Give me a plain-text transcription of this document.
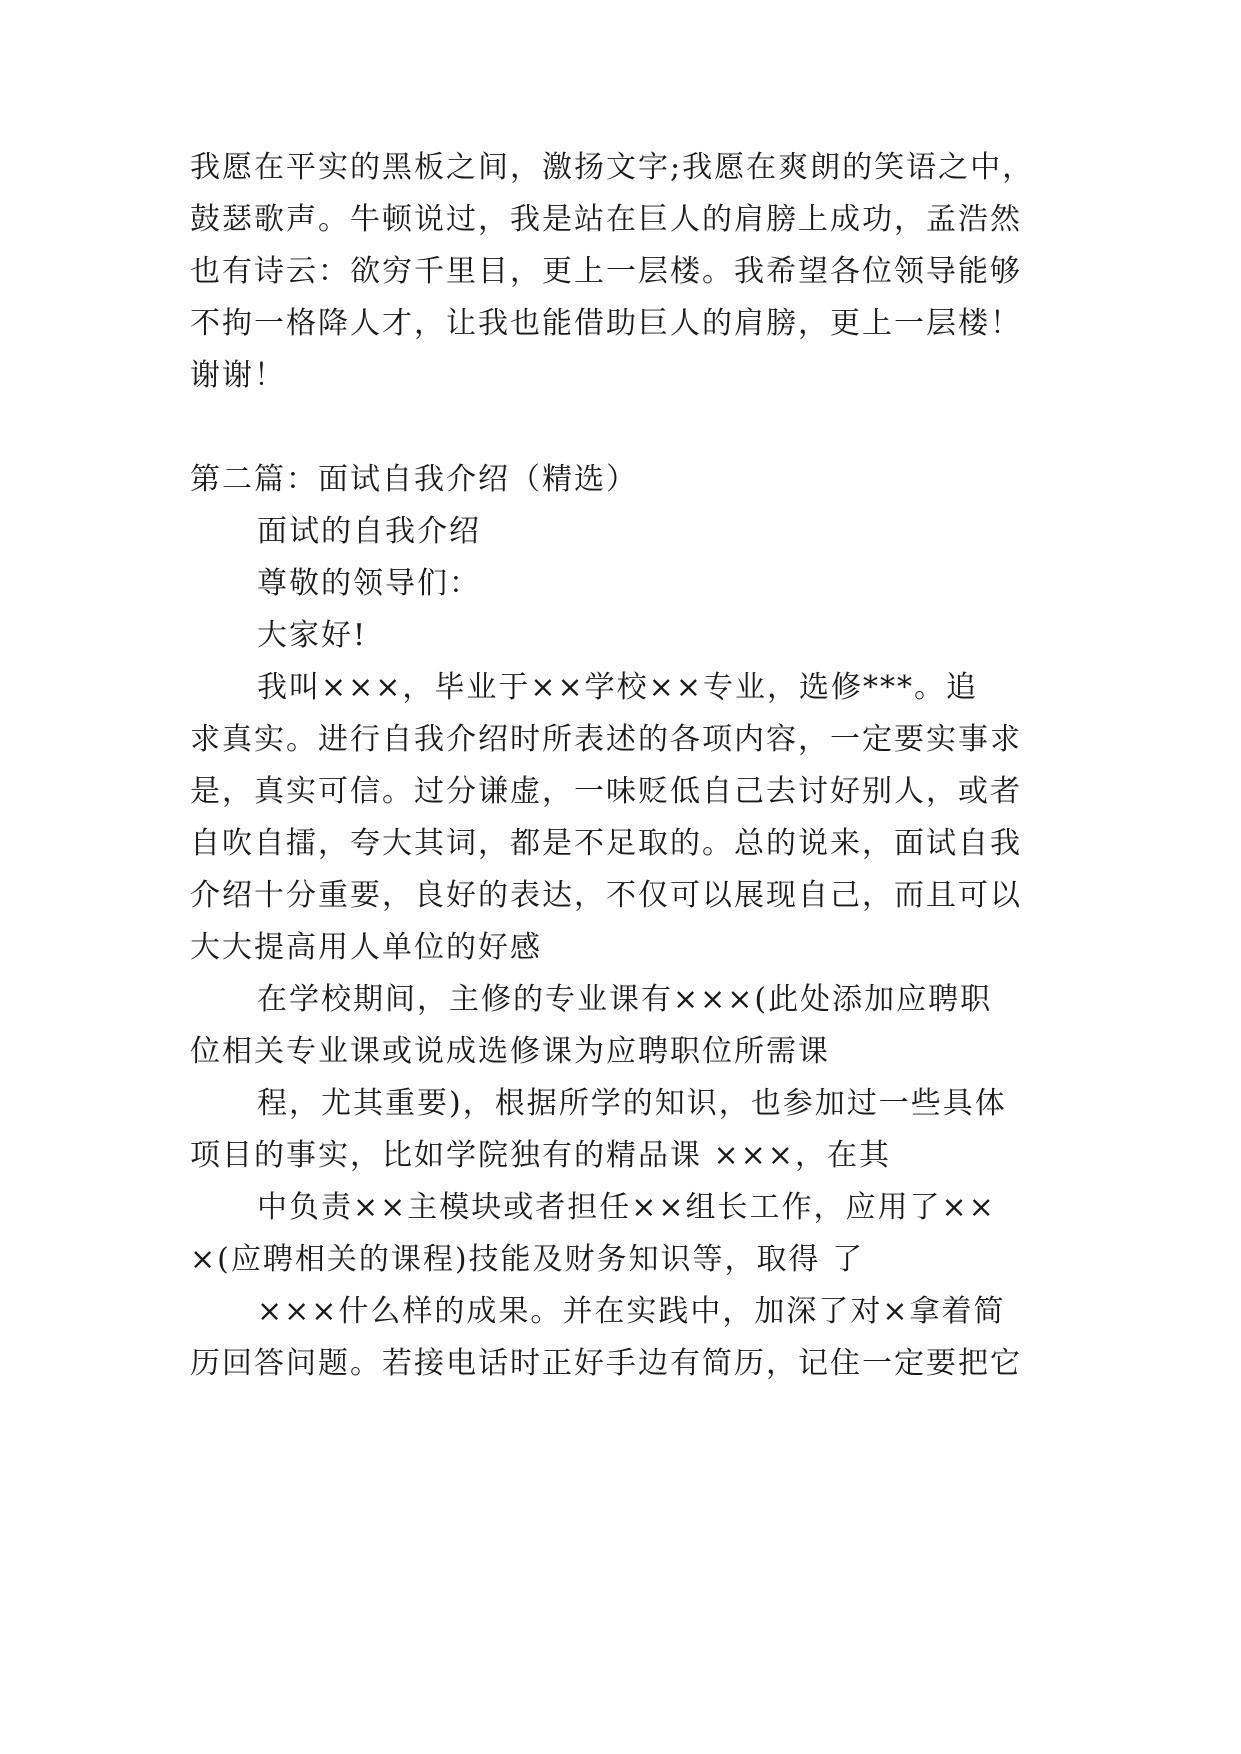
我愿在平实的黑板之间，激扬文字;我愿在爽朗的笑语之中，
鼓瑟歌声。牛顿说过，我是站在巨人的肩膀上成功，孟浩然
也有诗云：欲穷千里目，更上一层楼。我希望各位领导能够
不拘一格降人才，让我也能借助巨人的肩膀，更上一层楼！
谢谢！
第二篇：面试自我介绍（精选）
面试的自我介绍
尊敬的领导们：
大家好!
我叫×××，毕业于××学校××专业，选修***。追
求真实。进行自我介绍时所表述的各项内容，一定要实事求
是，真实可信。过分谦虚，一味贬低自己去讨好别人，或者
自吹自擂，夸大其词，都是不足取的。总的说来，面试自我
介绍十分重要，良好的表达，不仅可以展现自己，而且可以
大大提高用人单位的好感
在学校期间，主修的专业课有×××(此处添加应聘职
位相关专业课或说成选修课为应聘职位所需课
程，尤其重要)，根据所学的知识，也参加过一些具体
项目的事实，比如学院独有的精品课 ×××，在其
中负责××主模块或者担任××组长工作，应用了××
×(应聘相关的课程)技能及财务知识等，取得 了
×××什么样的成果。并在实践中，加深了对×拿着简
历回答问题。若接电话时正好手边有简历，记住一定要把它
